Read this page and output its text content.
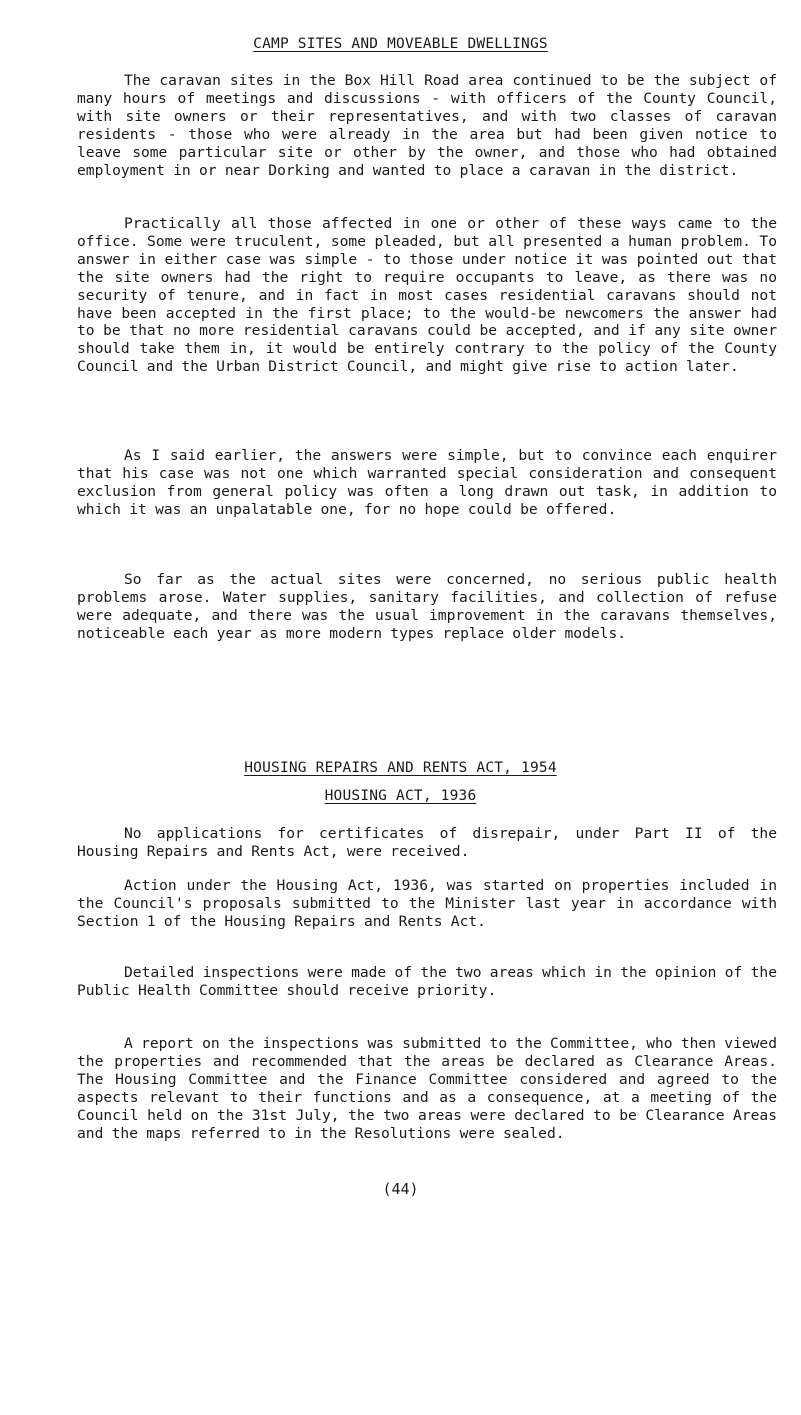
CAMP SITES AND MOVEABLE DWELLINGS
The caravan sites in the Box Hill Road area continued to be the subject of many hours of meetings and discussions - with officers of the County Council, with site owners or their representatives, and with two classes of caravan residents - those who were already in the area but had been given notice to leave some particular site or other by the owner, and those who had obtained employment in or near Dorking and wanted to place a caravan in the district.
Practically all those affected in one or other of these ways came to the office. Some were truculent, some pleaded, but all presented a human problem. To answer in either case was simple - to those under notice it was pointed out that the site owners had the right to require occupants to leave, as there was no security of tenure, and in fact in most cases residential caravans should not have been accepted in the first place; to the would-be newcomers the answer had to be that no more residential caravans could be accepted, and if any site owner should take them in, it would be entirely contrary to the policy of the County Council and the Urban District Council, and might give rise to action later.
As I said earlier, the answers were simple, but to convince each enquirer that his case was not one which warranted special consideration and consequent exclusion from general policy was often a long drawn out task, in addition to which it was an unpalatable one, for no hope could be offered.
So far as the actual sites were concerned, no serious public health problems arose. Water supplies, sanitary facilities, and collection of refuse were adequate, and there was the usual improvement in the caravans themselves, noticeable each year as more modern types replace older models.
HOUSING REPAIRS AND RENTS ACT, 1954
HOUSING ACT, 1936
No applications for certificates of disrepair, under Part II of the Housing Repairs and Rents Act, were received.
Action under the Housing Act, 1936, was started on properties included in the Council's proposals submitted to the Minister last year in accordance with Section 1 of the Housing Repairs and Rents Act.
Detailed inspections were made of the two areas which in the opinion of the Public Health Committee should receive priority.
A report on the inspections was submitted to the Committee, who then viewed the properties and recommended that the areas be declared as Clearance Areas. The Housing Committee and the Finance Committee considered and agreed to the aspects relevant to their functions and as a consequence, at a meeting of the Council held on the 31st July, the two areas were declared to be Clearance Areas and the maps referred to in the Resolutions were sealed.
(44)
